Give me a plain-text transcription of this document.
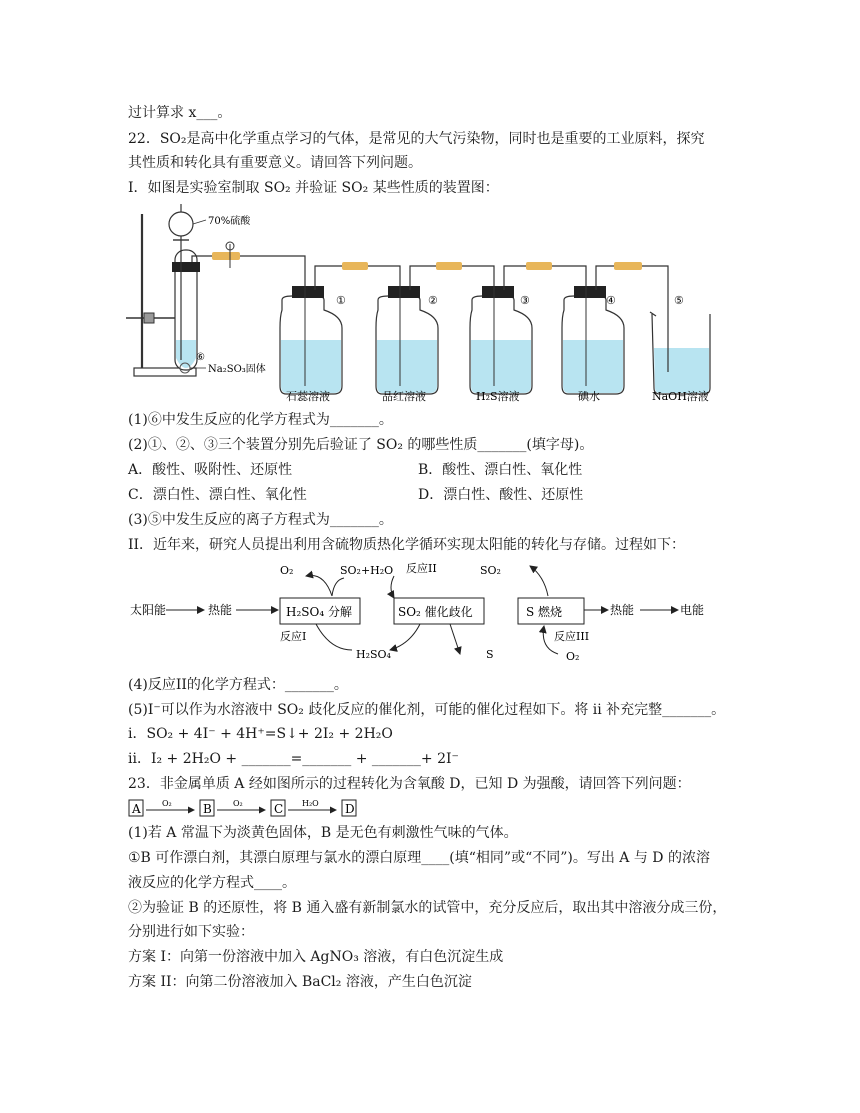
过计算求 x___。
22．SO₂是高中化学重点学习的气体，是常见的大气污染物，同时也是重要的工业原料，探究
其性质和转化具有重要意义。请回答下列问题。
I．如图是实验室制取 SO₂ 并验证 SO₂ 某些性质的装置图：
70%硫酸
⑥
Na₂SO₃固体
①
石蕊溶液
②
品红溶液
③
H₂S溶液
④
碘水
⑤
NaOH溶液
(1)⑥中发生反应的化学方程式为_______。
(2)①、②、③三个装置分别先后验证了 SO₂ 的哪些性质_______(填字母)。
A．酸性、吸附性、还原性	B．酸性、漂白性、氧化性
C．漂白性、漂白性、氧化性	D．漂白性、酸性、还原性
(3)⑤中发生反应的离子方程式为_______。
II．近年来，研究人员提出利用含硫物质热化学循环实现太阳能的转化与存储。过程如下：
太阳能	热能	H₂SO₄ 分解	SO₂ 催化歧化	S 燃烧	热能	电能
O₂	SO₂+H₂O 反应II	SO₂
反应I
H₂SO₄	S
反应III
O₂
(4)反应II的化学方程式：_______。
(5)I⁻可以作为水溶液中 SO₂ 歧化反应的催化剂，可能的催化过程如下。将 ii 补充完整_______。
i．SO₂ + 4I⁻ + 4H⁺=S↓+ 2I₂ + 2H₂O
ii．I₂ + 2H₂O + _______=_______ + _______+ 2I⁻
23．非金属单质 A 经如图所示的过程转化为含氧酸 D，已知 D 为强酸，请回答下列问题：
A	O₂	B	O₂	C H₂O D
(1)若 A 常温下为淡黄色固体，B 是无色有刺激性气味的气体。
①B 可作漂白剂，其漂白原理与氯水的漂白原理____(填“相同”或“不同”)。写出 A 与 D 的浓溶
液反应的化学方程式____。
②为验证 B 的还原性，将 B 通入盛有新制氯水的试管中，充分反应后，取出其中溶液分成三份，
分别进行如下实验：
方案 I：向第一份溶液中加入 AgNO₃ 溶液，有白色沉淀生成
方案 II：向第二份溶液加入 BaCl₂ 溶液，产生白色沉淀
